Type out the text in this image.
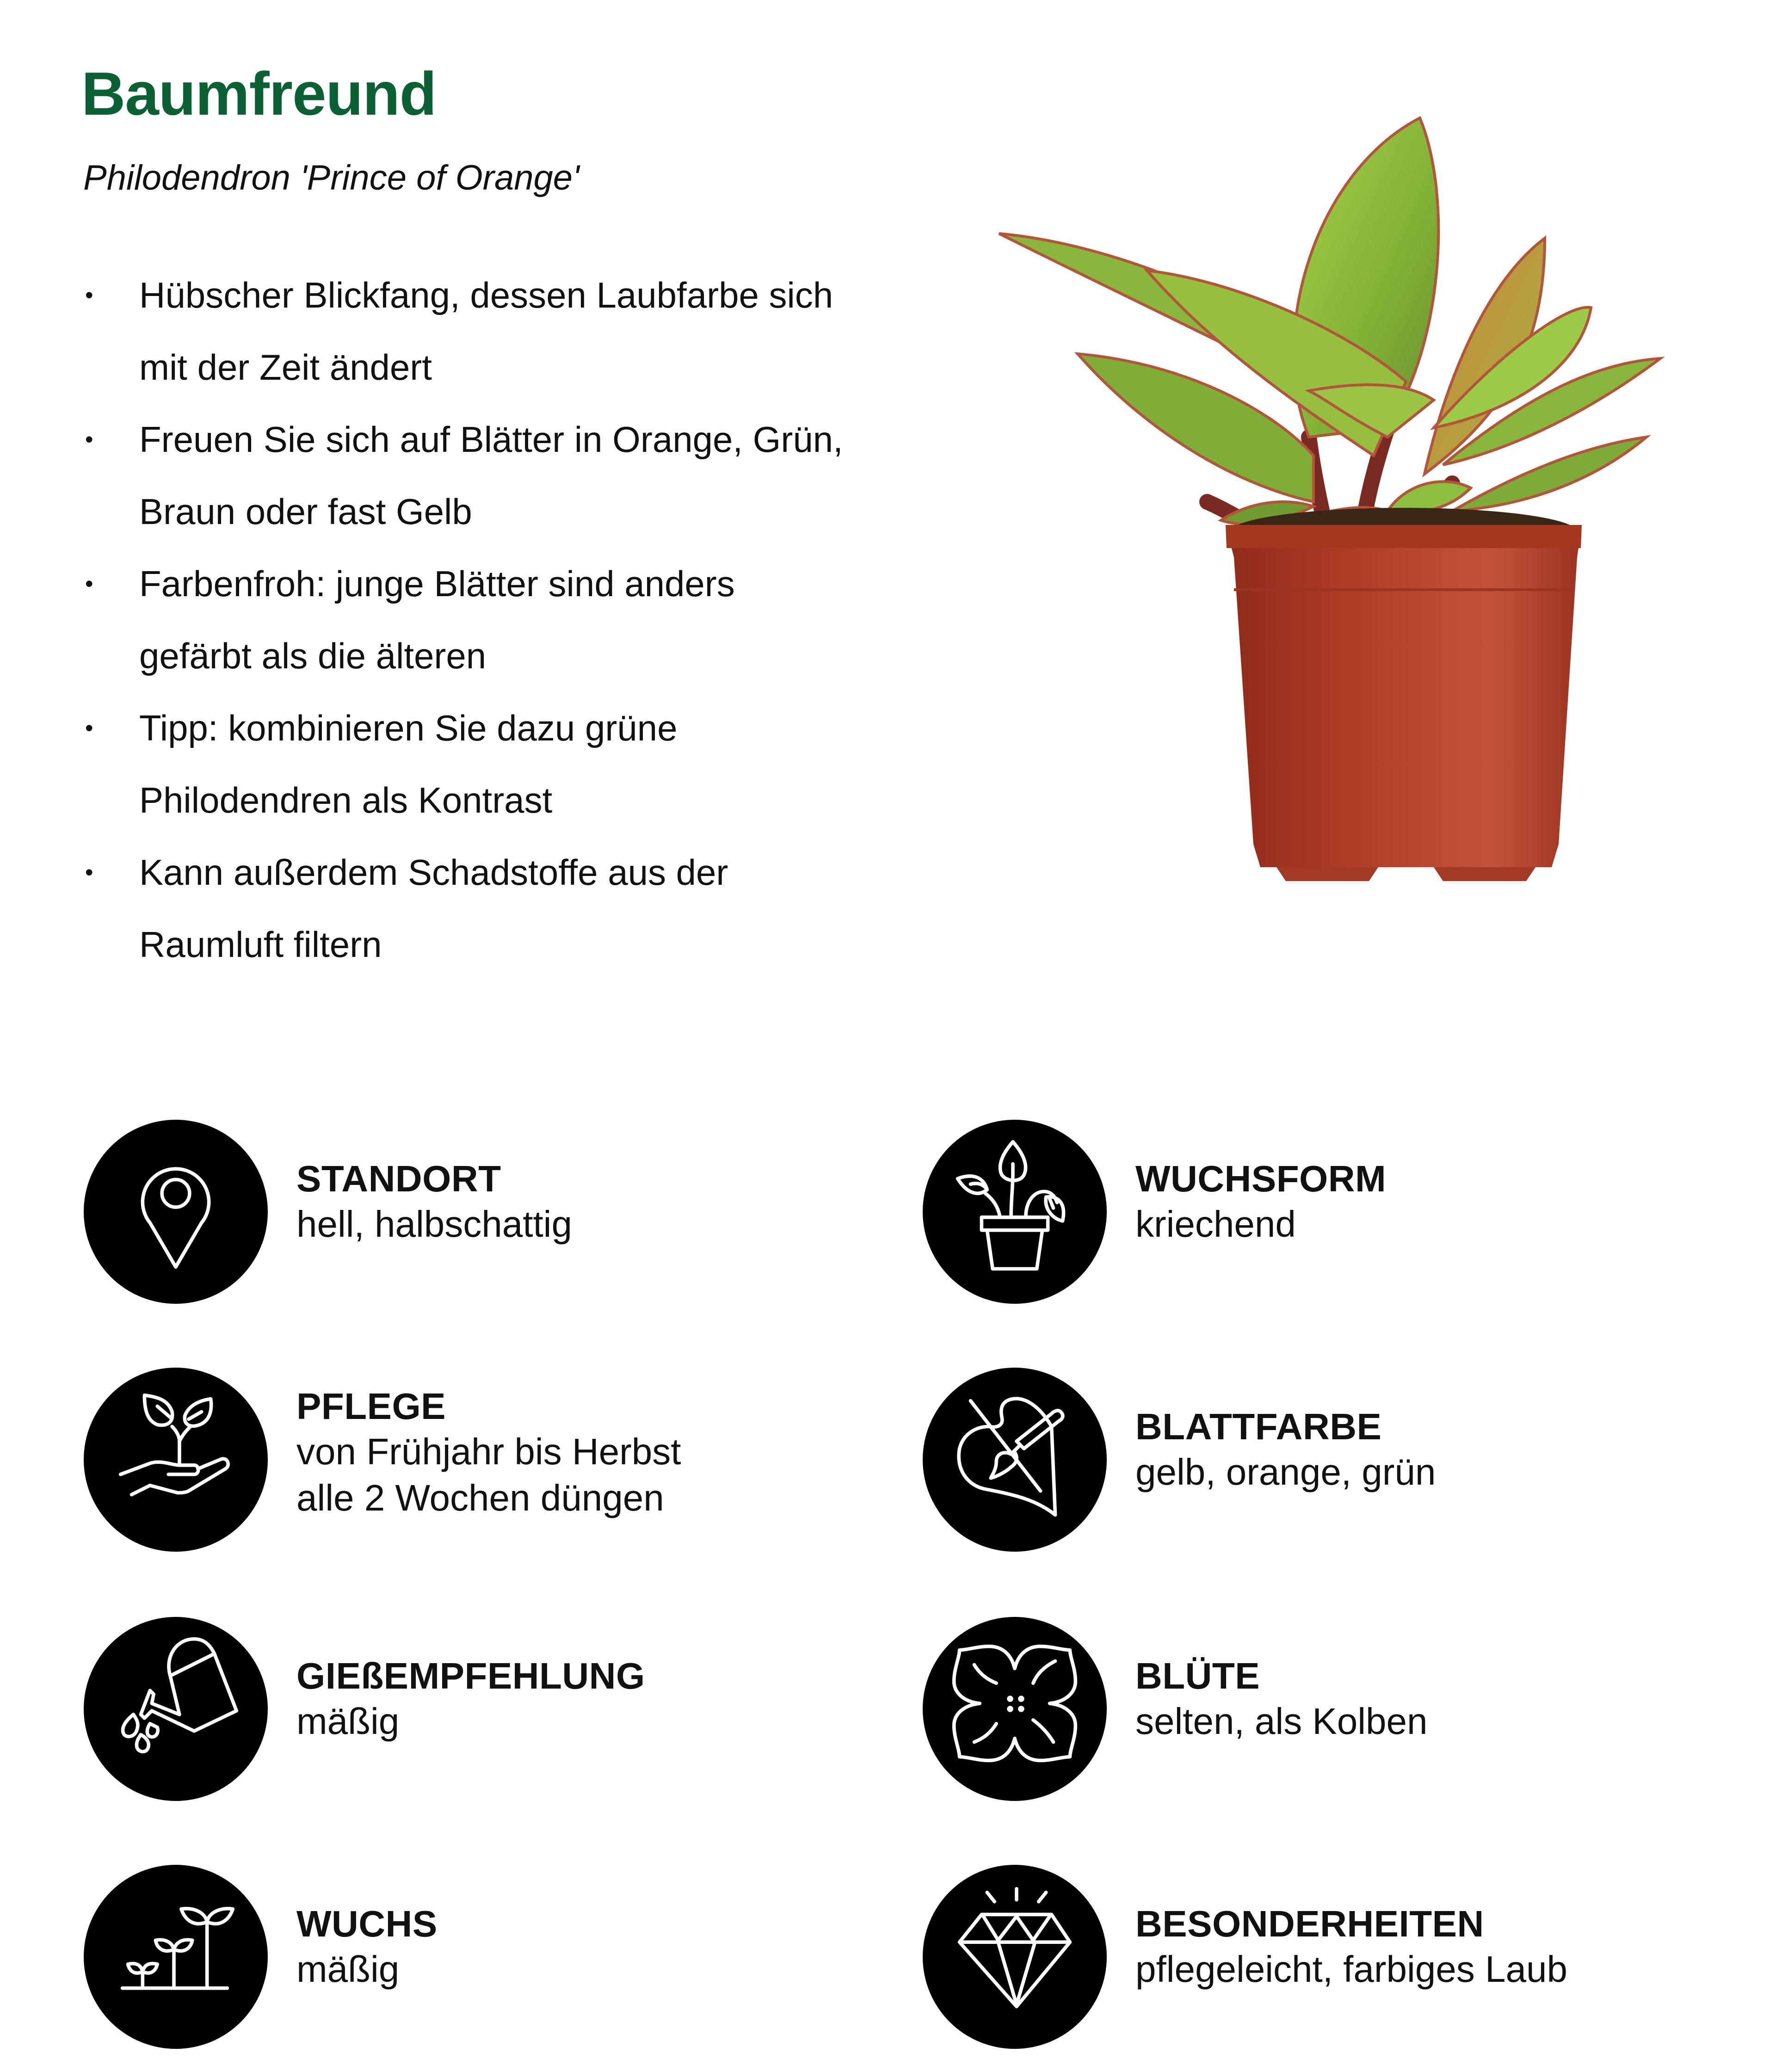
Baumfreund
Philodendron 'Prince of Orange'
• Hübscher Blickfang, dessen Laubfarbe sich
mit der Zeit ändert
• Freuen Sie sich auf Blätter in Orange, Grün,
Braun oder fast Gelb
• Farbenfroh: junge Blätter sind anders
gefärbt als die älteren
• Tipp: kombinieren Sie dazu grüne
Philodendren als Kontrast
• Kann außerdem Schadstoffe aus der
Raumluft filtern
STANDORT
hell, halbschattig
WUCHSFORM
kriechend
PFLEGE
von Frühjahr bis Herbst
alle 2 Wochen düngen
BLATTFARBE
gelb, orange, grün
GIEßEMPFEHLUNG
mäßig
BLÜTE
selten, als Kolben
WUCHS
mäßig
BESONDERHEITEN
pflegeleicht, farbiges Laub
